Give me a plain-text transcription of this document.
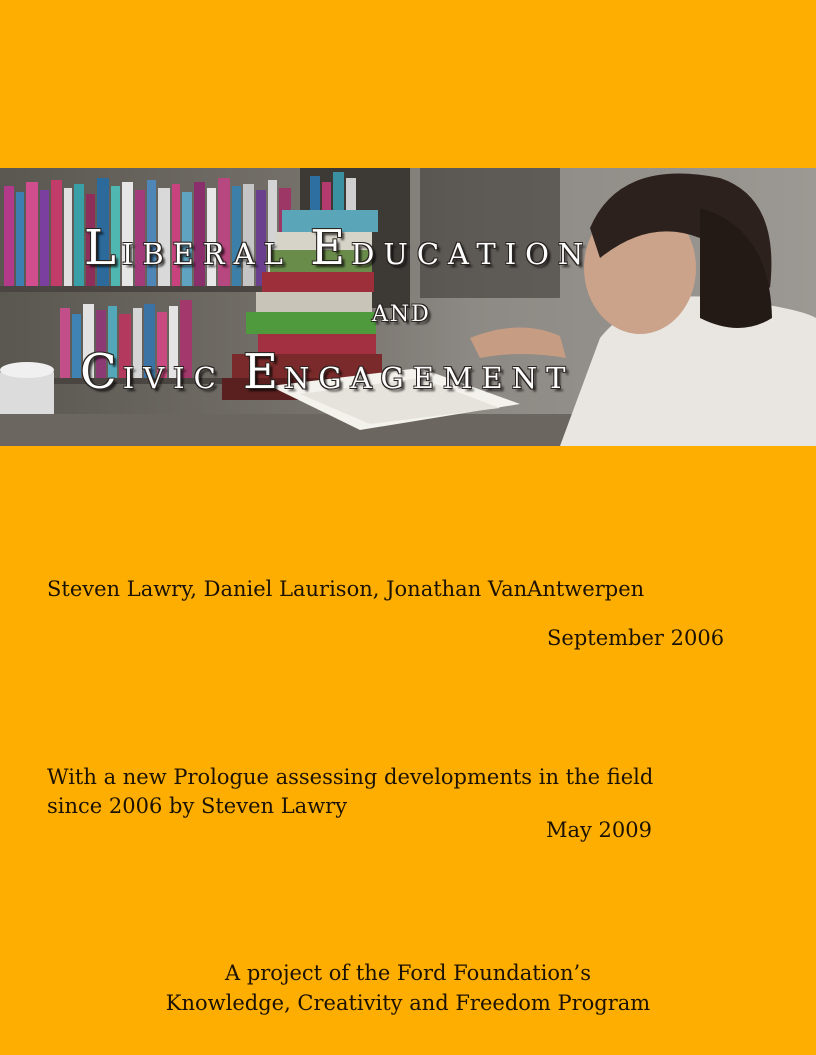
LIBERAL EDUCATION
AND
CIVIC ENGAGEMENT

Steven Lawry, Daniel Laurison, Jonathan VanAntwerpen

September 2006

With a new Prologue assessing developments in the field
since 2006 by Steven Lawry

May 2009

A project of the Ford Foundation’s
Knowledge, Creativity and Freedom Program
